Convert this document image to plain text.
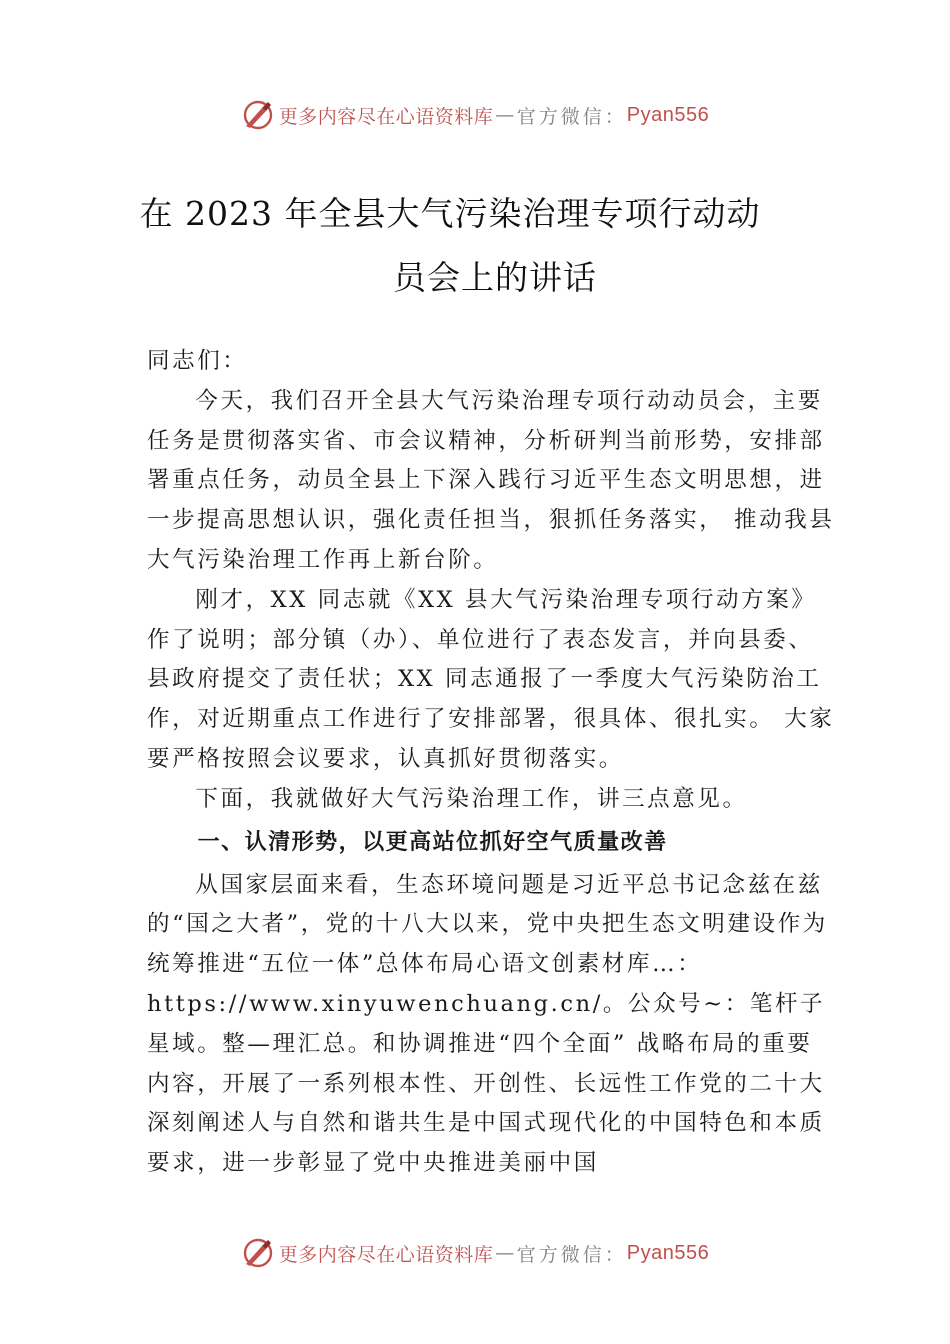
更多内容尽在心语资料库 — 官方微信： Pyan556
在 2023 年全县大气污染治理专项行动动
员会上的讲话

同志们：

今天，我们召开全县大气污染治理专项行动动员会，主要任务是贯彻落实省、市会议精神，分析研判当前形势，安排部署重点任务，动员全县上下深入践行习近平生态文明思想，进一步提高思想认识，强化责任担当，狠抓任务落实， 推动我县大气污染治理工作再上新台阶。

刚才，XX 同志就《XX 县大气污染治理专项行动方案》作了说明；部分镇（办）、单位进行了表态发言，并向县委、县政府提交了责任状；XX 同志通报了一季度大气污染防治工作，对近期重点工作进行了安排部署，很具体、很扎实。 大家要严格按照会议要求，认真抓好贯彻落实。

下面，我就做好大气污染治理工作，讲三点意见。

一、认清形势，以更高站位抓好空气质量改善

从国家层面来看，生态环境问题是习近平总书记念兹在兹的“国之大者”，党的十八大以来，党中央把生态文明建设作为统筹推进“五位一体”总体布局心语文创素材库…：https://www.xinyuwenchuang.cn/。公众号~：笔杆子星域。整—理汇总。和协调推进“四个全面” 战略布局的重要内容，开展了一系列根本性、开创性、长远性工作党的二十大深刻阐述人与自然和谐共生是中国式现代化的中国特色和本质要求，进一步彰显了党中央推进美丽中国

更多内容尽在心语资料库 — 官方微信： Pyan556
